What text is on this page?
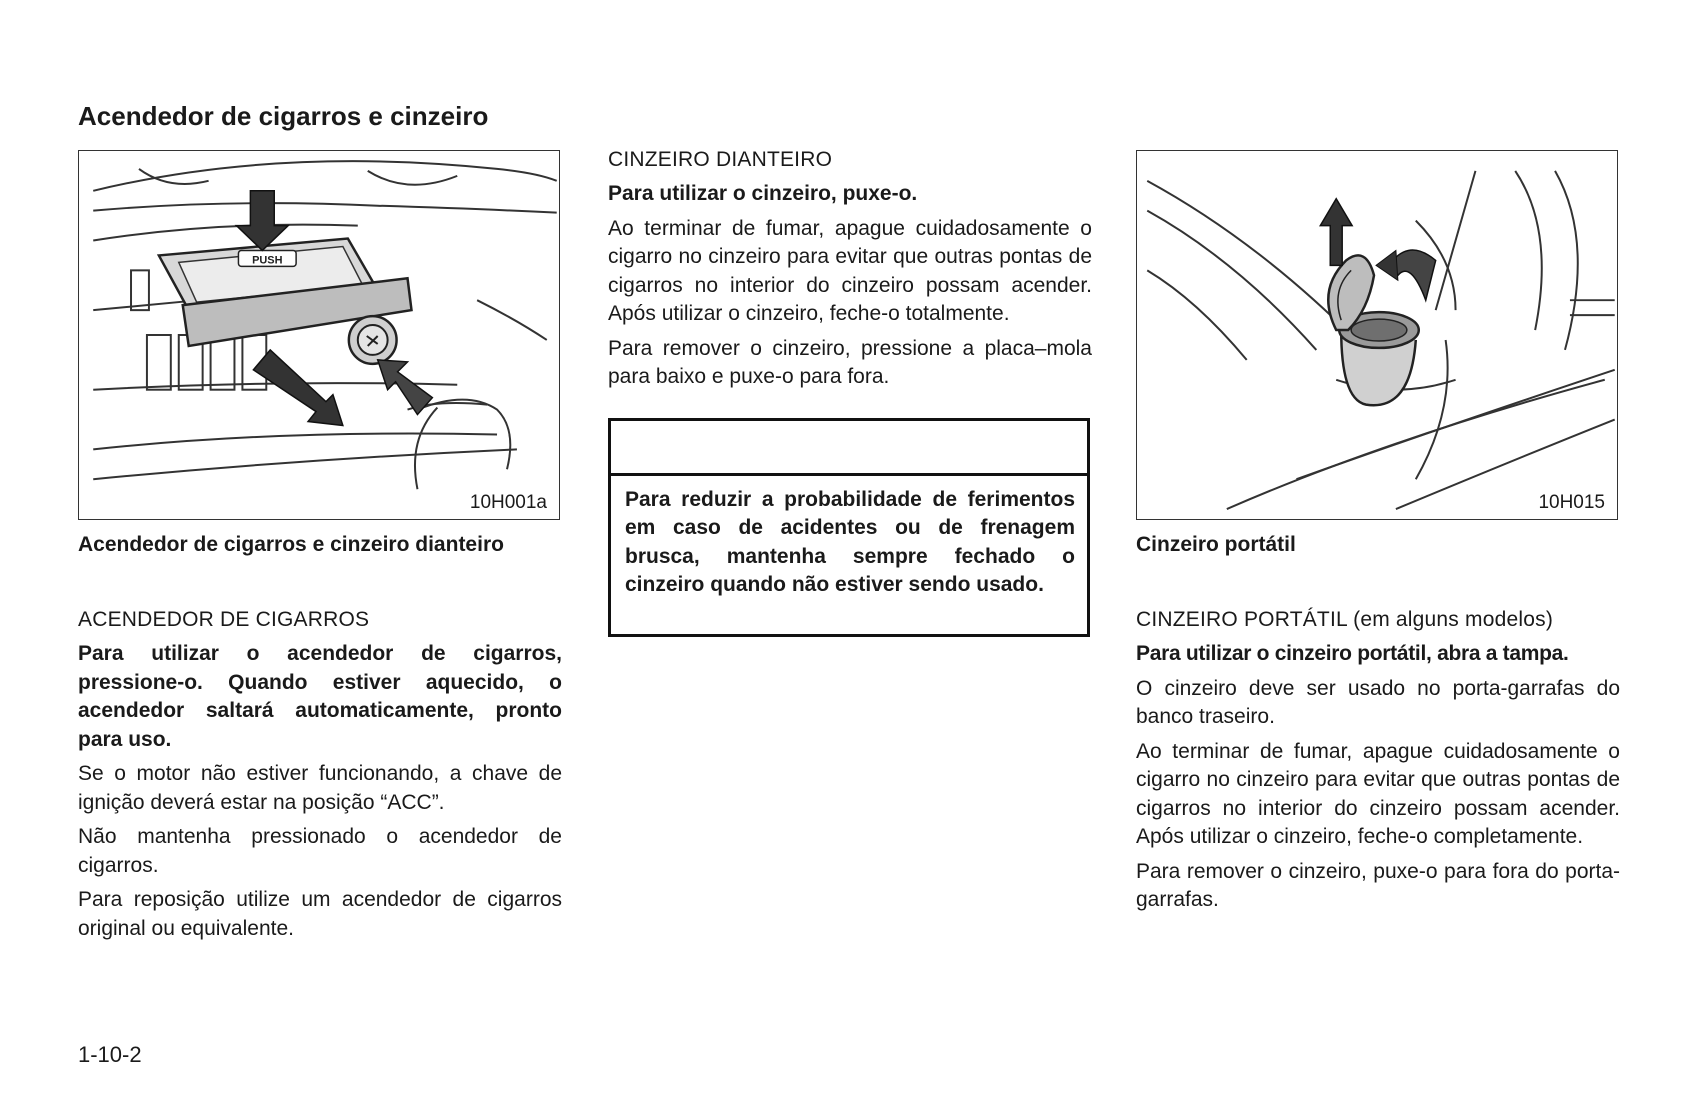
Acendedor de cigarros e cinzeiro
PUSH
10H001a

Acendedor de cigarros e cinzeiro dianteiro

ACENDEDOR DE CIGARROS

Para utilizar o acendedor de cigarros, pressione-o. Quando estiver aquecido, o acendedor saltará automaticamente, pronto para uso.

Se o motor não estiver funcionando, a chave de ignição deverá estar na posição “ACC”.

Não mantenha pressionado o acendedor de cigarros.

Para reposição utilize um acendedor de cigarros original ou equivalente.

CINZEIRO DIANTEIRO

Para utilizar o cinzeiro, puxe-o.

Ao terminar de fumar, apague cuidadosamente o cigarro no cinzeiro para evitar que outras pontas de cigarros no interior do cinzeiro possam acender. Após utilizar o cinzeiro, feche-o totalmente.

Para remover o cinzeiro, pressione a placa–mola para baixo e puxe-o para fora.

Para reduzir a probabilidade de ferimentos em caso de acidentes ou de frenagem brusca, mantenha sempre fechado o cinzeiro quando não estiver sendo usado.

10H015

Cinzeiro portátil

CINZEIRO PORTÁTIL (em alguns modelos)

Para utilizar o cinzeiro portátil, abra a tampa.

O cinzeiro deve ser usado no porta-garrafas do banco traseiro.

Ao terminar de fumar, apague cuidadosamente o cigarro no cinzeiro para evitar que outras pontas de cigarros no interior do cinzeiro possam acender. Após utilizar o cinzeiro, feche-o completamente.

Para remover o cinzeiro, puxe-o para fora do porta-garrafas.

1-10-2
